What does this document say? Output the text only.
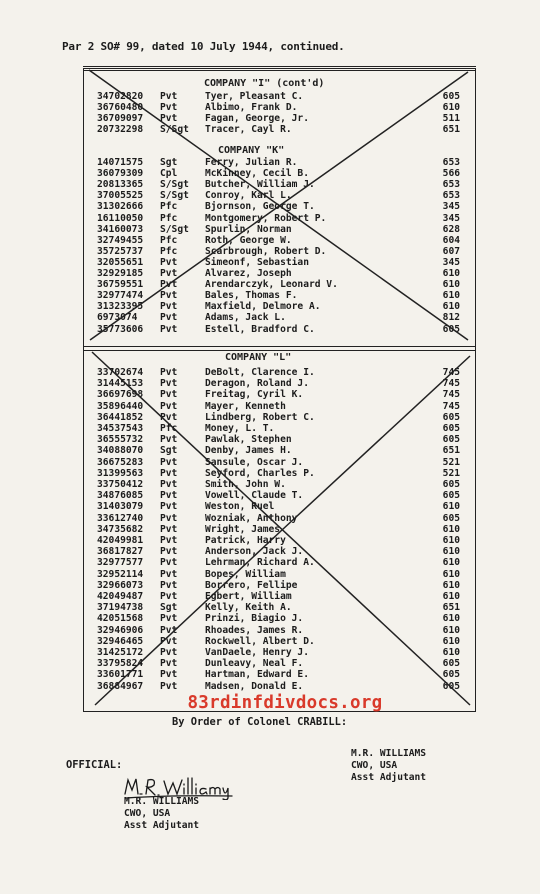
Par 2 SO# 99, dated 10 July 1944, continued.
COMPANY "I" (cont'd)
34702820 Pvt	Tyer, Pleasant C.	605
36760480 Pvt	Albimo, Frank D.	610
36709097 Pvt	Fagan, George, Jr.	511
20732298 S/Sgt Tracer, Cayl R.	651
COMPANY "K"
14071575 Sgt	Ferry, Julian R.	653
36079309 Cpl	McKinney, Cecil B.	566
20813365 S/Sgt Butcher, William J.	653
37005525 S/Sgt Conroy, Karl L.	653
31302666 Pfc	Bjornson, George T.	345
16110050 Pfc	Montgomery, Robert P.	345
34160073 S/Sgt Spurlin, Norman	628
32749455 Pfc	Roth, George W.	604
35725737 Pfc	Scarbrough, Robert D.	607
32055651 Pvt	Simeonf, Sebastian	345
32929185 Pvt	Alvarez, Joseph	610
36759551 Pvt	Arendarczyk, Leonard V.	610
32977474 Pvt	Bales, Thomas F.	610
31323395 Pvt	Maxfield, Delmore A.	610
6973074 Pvt	Adams, Jack L.	812
35773606 Pvt	Estell, Bradford C.	605
COMPANY "L"
33702674 Pvt	DeBolt, Clarence I.	745
31445153 Pvt	Deragon, Roland J.	745
36697698 Pvt	Freitag, Cyril K.	745
35896440 Pvt	Mayer, Kenneth	745
36441852 Pvt	Lindberg, Robert C.	605
34537543 Pfc	Money, L. T.	605
36555732 Pvt	Pawlak, Stephen	605
34088070 Sgt	Denby, James H.	651
36675283 Pvt	Sansule, Oscar J.	521
31399563 Pvt	Seyford, Charles P.	521
33750412 Pvt	Smith, John W.	605
34876085 Pvt	Vowell, Claude T.	605
31403079 Pvt	Weston, Ruel	610
33612740 Pvt	Wozniak, Anthony	605
34735682 Pvt	Wright, James	610
42049981 Pvt	Patrick, Harry	610
36817827 Pvt	Anderson, Jack J.	610
32977577 Pvt	Lehrman, Richard A.	610
32952114 Pvt	Bopes, William	610
32966073 Pvt	Borrero, Fellipe	610
42049487 Pvt	Egbert, William	610
37194738 Sgt	Kelly, Keith A.	651
42051568 Pvt	Prinzi, Biagio J.	610
32946906 Pvt	Rhoades, James R.	610
32946465 Pvt	Rockwell, Albert D.	610
31425172 Pvt	VanDaele, Henry J.	610
33795824 Pvt	Dunleavy, Neal F.	605
33601771 Pvt	Hartman, Edward E.	605
36884967 Pvt	Madsen, Donald E.	605
83rdinfdivdocs.org
By Order of Colonel CRABILL:
M.R. WILLIAMS
CWO, USA
Asst Adjutant
OFFICIAL:
M.R. WILLIAMS
CWO, USA
Asst Adjutant
